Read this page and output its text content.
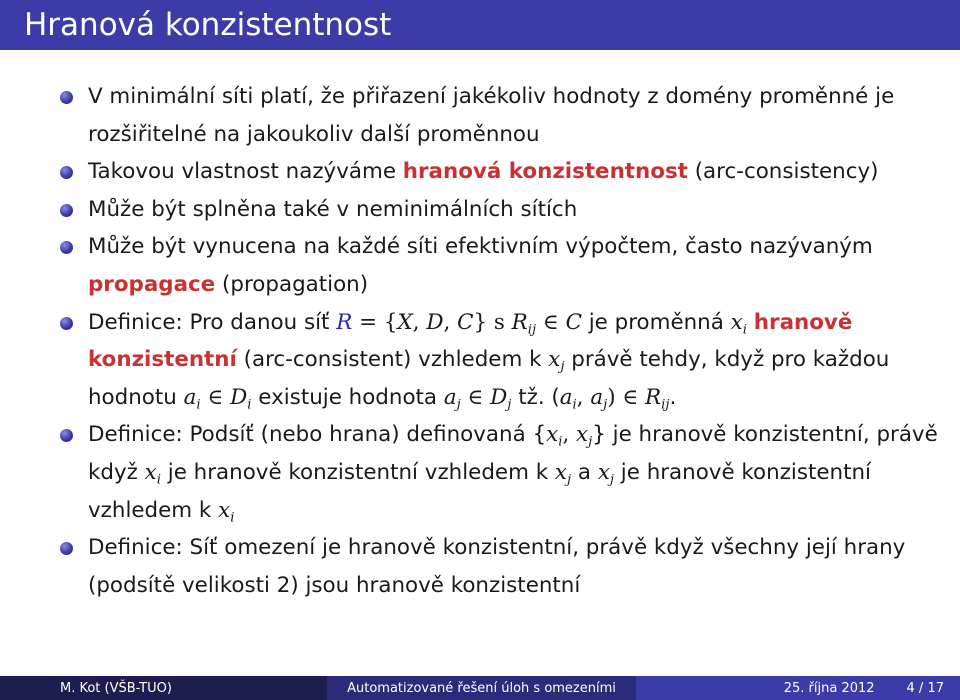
Hranová konzistentnost
V minimální síti platí, že přiřazení jakékoliv hodnoty z domény proměnné je rozšiřitelné na jakoukoliv další proměnnou
Takovou vlastnost nazýváme hranová konzistentnost (arc-consistency)
Může být splněna také v neminimálních sítích
Může být vynucena na každé síti efektivním výpočtem, často nazývaným propagace (propagation)
Definice: Pro danou síť R = {X, D, C} s $R_{ij}$ ∈ C je proměnná $x_i$ hranově konzistentní (arc-consistent) vzhledem k $x_j$ právě tehdy, když pro každou hodnotu $a_i$ ∈ $D_i$ existuje hodnota $a_j$ ∈ $D_j$ tž. ($a_i$, $a_j$) ∈ $R_{ij}$.
Definice: Podsíť (nebo hrana) definovaná {$x_i$, $x_j$} je hranově konzistentní, právě když $x_i$ je hranově konzistentní vzhledem k $x_j$ a $x_j$ je hranově konzistentní vzhledem k $x_i$
Definice: Síť omezení je hranově konzistentní, právě když všechny její hrany (podsítě velikosti 2) jsou hranově konzistentní
M. Kot (VŠB-TUO)	Automatizované řešení úloh s omezeními	25. října 2012 4 / 17
